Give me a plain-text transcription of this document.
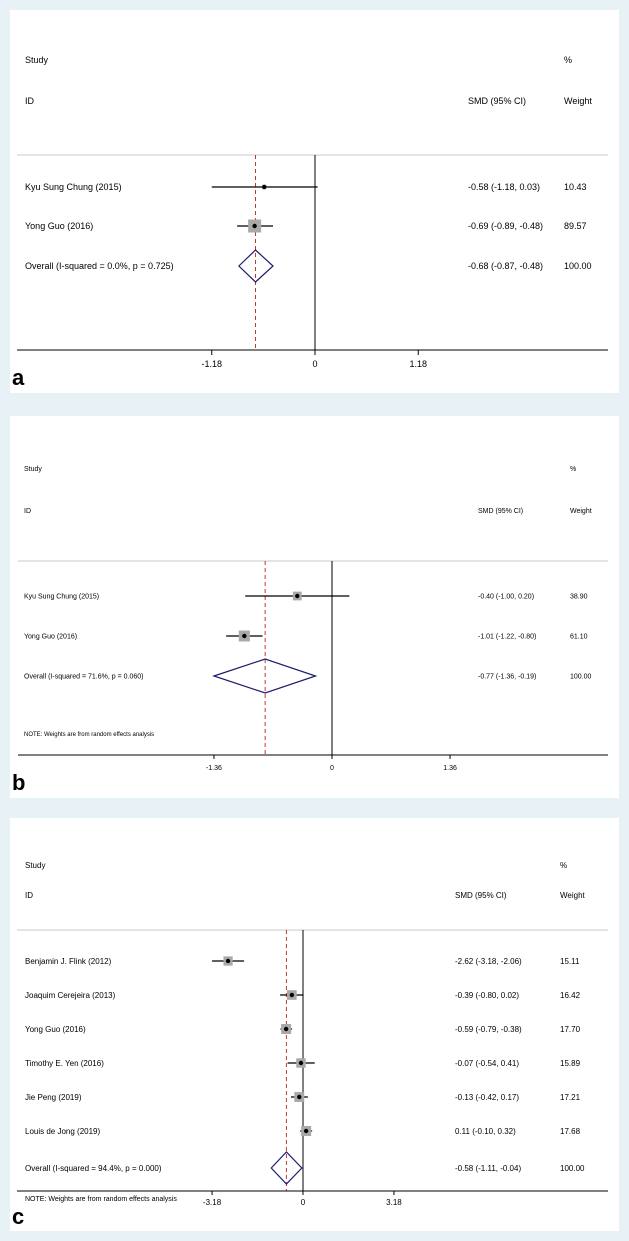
Study
ID	SMD (95% CI)
%
Weight
Kyu Sung Chung (2015)	-0.58 (-1.18, 0.03)	10.43
Yong Guo (2016)	-0.69 (-0.89, -0.48) 89.57
Overall (I-squared = 0.0%, p = 0.725)	-0.68 (-0.87, -0.48) 100.00
-1.18	0	1.18
a
Study
ID	SMD (95% CI)
%
Weight
Kyu Sung Chung (2015)	-0.40 (-1.00, 0.20)	38.90
Yong Guo (2016)	-1.01 (-1.22, -0.80)	61.10
Overall (I-squared = 71.6%, p = 0.060)	-0.77 (-1.36, -0.19)	100.00
NOTE: Weights are from random effects analysis
-1.36	0	1.36
b
Study
ID	SMD (95% CI)
%
Weight
Benjamin J. Flink (2012)	-2.62 (-3.18, -2.06)	15.11
Joaquim Cerejeira (2013)	-0.39 (-0.80, 0.02)	16.42
Yong Guo (2016)	-0.59 (-0.79, -0.38)	17.70
Timothy E. Yen (2016)	-0.07 (-0.54, 0.41)	15.89
Jie Peng (2019)	-0.13 (-0.42, 0.17)	17.21
Louis de Jong (2019)	0.11 (-0.10, 0.32)	17.68
Overall (I-squared = 94.4%, p = 0.000)	-0.58 (-1.11, -0.04)	100.00
NOTE: Weights are from random effects analysis	-3.18	0	3.18
c
